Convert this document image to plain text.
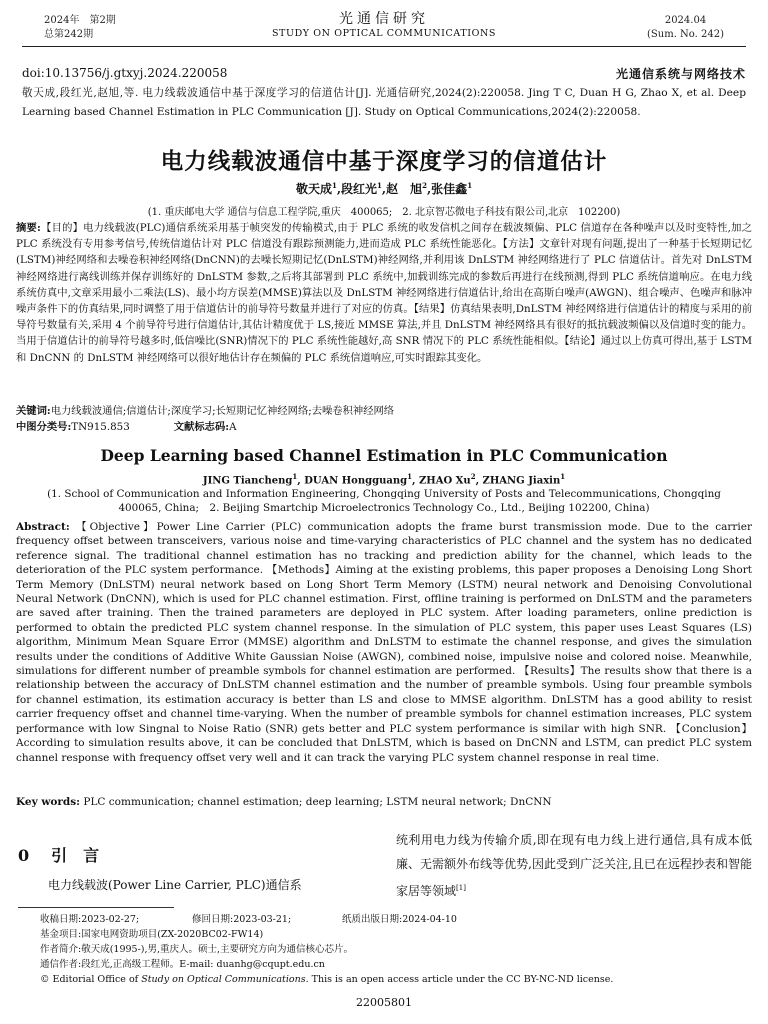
2024年　第2期
总第242期
光通信研究
STUDY ON OPTICAL COMMUNICATIONS
2024.04
(Sum. No. 242)
doi:10.13756/j.gtxyj.2024.220058	光通信系统与网络技术
敬天成,段红光,赵旭,等. 电力线载波通信中基于深度学习的信道估计[J]. 光通信研究,2024(2):220058. Jing T C, Duan H G, Zhao X, et al. Deep Learning based Channel Estimation in PLC Communication [J]. Study on Optical Communications,2024(2):220058.
电力线载波通信中基于深度学习的信道估计
敬天成$^1$,段红光$^1$,赵　旭$^2$,张佳鑫$^1$
(1. 重庆邮电大学 通信与信息工程学院,重庆　400065;　2. 北京智芯微电子科技有限公司,北京　102200)
摘要:【目的】电力线载波(PLC)通信系统采用基于帧突发的传输模式,由于 PLC 系统的收发信机之间存在载波频偏、PLC 信道存在各种噪声以及时变特性,加之 PLC 系统没有专用参考信号,传统信道估计对 PLC 信道没有跟踪预测能力,进而造成 PLC 系统性能恶化。【方法】文章针对现有问题,提出了一种基于长短期记忆(LSTM)神经网络和去噪卷积神经网络(DnCNN)的去噪长短期记忆(DnLSTM)神经网络,并利用该 DnLSTM 神经网络进行了 PLC 信道估计。首先对 DnLSTM 神经网络进行离线训练并保存训练好的 DnLSTM 参数,之后将其部署到 PLC 系统中,加载训练完成的参数后再进行在线预测,得到 PLC 系统信道响应。在电力线系统仿真中,文章采用最小二乘法(LS)、最小均方误差(MMSE)算法以及 DnLSTM 神经网络进行信道估计,给出在高斯白噪声(AWGN)、组合噪声、色噪声和脉冲噪声条件下的仿真结果,同时调整了用于信道估计的前导符号数量并进行了对应的仿真。【结果】仿真结果表明,DnLSTM 神经网络进行信道估计的精度与采用的前导符号数量有关,采用 4 个前导符号进行信道估计,其估计精度优于 LS,接近 MMSE 算法,并且 DnLSTM 神经网络具有很好的抵抗载波频偏以及信道时变的能力。当用于信道估计的前导符号越多时,低信噪比(SNR)情况下的 PLC 系统性能越好,高 SNR 情况下的 PLC 系统性能相似。【结论】通过以上仿真可得出,基于 LSTM 和 DnCNN 的 DnLSTM 神经网络可以很好地估计存在频偏的 PLC 系统信道响应,可实时跟踪其变化。
关键词:电力线载波通信;信道估计;深度学习;长短期记忆神经网络;去噪卷积神经网络
中图分类号:TN915.853	文献标志码:A
Deep Learning based Channel Estimation in PLC Communication
JING Tiancheng$^1$, DUAN Hongguang$^1$, ZHAO Xu$^2$, ZHANG Jiaxin$^1$
(1. School of Communication and Information Engineering, Chongqing University of Posts and Telecommunications, Chongqing 400065, China;　2. Beijing Smartchip Microelectronics Technology Co., Ltd., Beijing 102200, China)
Abstract: 【Objective】Power Line Carrier (PLC) communication adopts the frame burst transmission mode. Due to the carrier frequency offset between transceivers, various noise and time-varying characteristics of PLC channel and the system has no dedicated reference signal. The traditional channel estimation has no tracking and prediction ability for the channel, which leads to the deterioration of the PLC system performance. 【Methods】Aiming at the existing problems, this paper proposes a Denoising Long Short Term Memory (DnLSTM) neural network based on Long Short Term Memory (LSTM) neural network and Denoising Convolutional Neural Network (DnCNN), which is used for PLC channel estimation. First, offline training is performed on DnLSTM and the parameters are saved after training. Then the trained parameters are deployed in PLC system. After loading parameters, online prediction is performed to obtain the predicted PLC system channel response. In the simulation of PLC system, this paper uses Least Squares (LS) algorithm, Minimum Mean Square Error (MMSE) algorithm and DnLSTM to estimate the channel response, and gives the simulation results under the conditions of Additive White Gaussian Noise (AWGN), combined noise, impulsive noise and colored noise. Meanwhile, simulations for different number of preamble symbols for channel estimation are performed. 【Results】The results show that there is a relationship between the accuracy of DnLSTM channel estimation and the number of preamble symbols. Using four preamble symbols for channel estimation, its estimation accuracy is better than LS and close to MMSE algorithm. DnLSTM has a good ability to resist carrier frequency offset and channel time-varying. When the number of preamble symbols for channel estimation increases, PLC system performance with low Singnal to Noise Ratio (SNR) gets better and PLC system performance is similar with high SNR. 【Conclusion】According to simulation results above, it can be concluded that DnLSTM, which is based on DnCNN and LSTM, can predict PLC system channel response with frequency offset very well and it can track the varying PLC system channel response in real time.
Key words: PLC communication; channel estimation; deep learning; LSTM neural network; DnCNN
0 引　言
电力线载波(Power Line Carrier, PLC)通信系
统利用电力线为传输介质,即在现有电力线上进行通信,具有成本低廉、无需额外布线等优势,因此受到广泛关注,且已在远程抄表和智能家居等领域[1]
收稿日期:2023-02-27;	修回日期:2023-03-21;	纸质出版日期:2024-04-10
基金项目:国家电网资助项目(ZX-2020BC02-FW14)
作者简介:敬天成(1995-),男,重庆人。硕士,主要研究方向为通信核心芯片。
通信作者:段红光,正高级工程师。E-mail: duanhg@cqupt.edu.cn
© Editorial Office of Study on Optical Communications. This is an open access article under the CC BY-NC-ND license.
22005801
